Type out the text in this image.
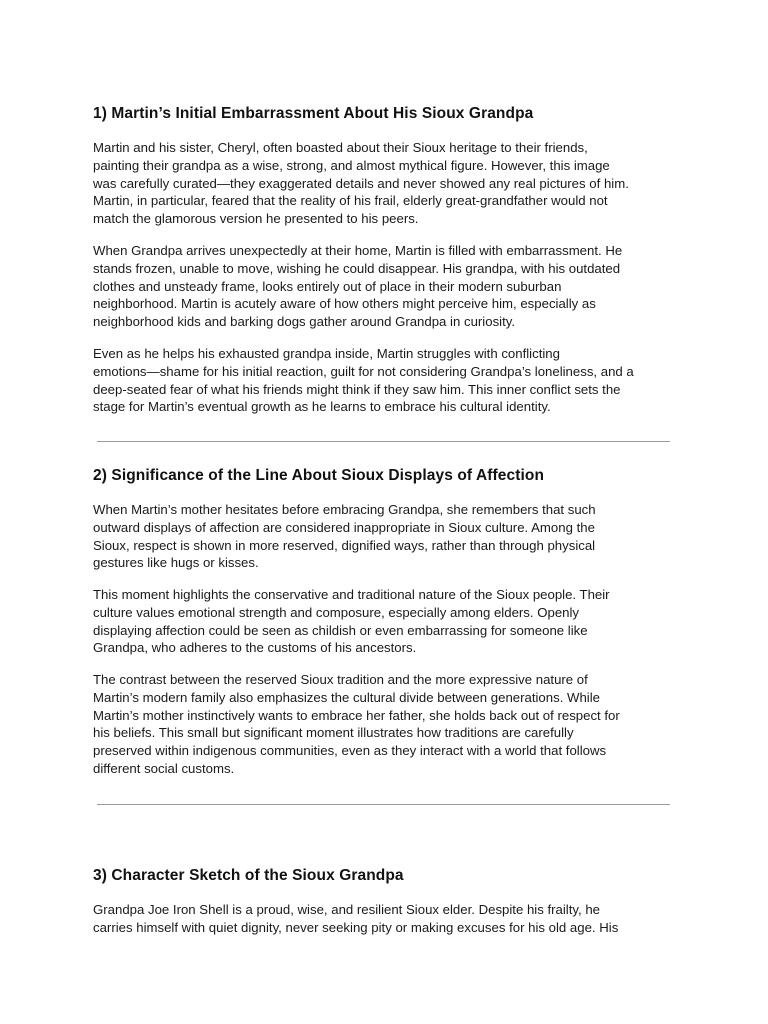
1) Martin’s Initial Embarrassment About His Sioux Grandpa

Martin and his sister, Cheryl, often boasted about their Sioux heritage to their friends,
painting their grandpa as a wise, strong, and almost mythical figure. However, this image
was carefully curated—they exaggerated details and never showed any real pictures of him.
Martin, in particular, feared that the reality of his frail, elderly great-grandfather would not
match the glamorous version he presented to his peers.

When Grandpa arrives unexpectedly at their home, Martin is filled with embarrassment. He
stands frozen, unable to move, wishing he could disappear. His grandpa, with his outdated
clothes and unsteady frame, looks entirely out of place in their modern suburban
neighborhood. Martin is acutely aware of how others might perceive him, especially as
neighborhood kids and barking dogs gather around Grandpa in curiosity.

Even as he helps his exhausted grandpa inside, Martin struggles with conflicting
emotions—shame for his initial reaction, guilt for not considering Grandpa’s loneliness, and a
deep-seated fear of what his friends might think if they saw him. This inner conflict sets the
stage for Martin’s eventual growth as he learns to embrace his cultural identity.

2) Significance of the Line About Sioux Displays of Affection

When Martin’s mother hesitates before embracing Grandpa, she remembers that such
outward displays of affection are considered inappropriate in Sioux culture. Among the
Sioux, respect is shown in more reserved, dignified ways, rather than through physical
gestures like hugs or kisses.

This moment highlights the conservative and traditional nature of the Sioux people. Their
culture values emotional strength and composure, especially among elders. Openly
displaying affection could be seen as childish or even embarrassing for someone like
Grandpa, who adheres to the customs of his ancestors.

The contrast between the reserved Sioux tradition and the more expressive nature of
Martin’s modern family also emphasizes the cultural divide between generations. While
Martin’s mother instinctively wants to embrace her father, she holds back out of respect for
his beliefs. This small but significant moment illustrates how traditions are carefully
preserved within indigenous communities, even as they interact with a world that follows
different social customs.

3) Character Sketch of the Sioux Grandpa

Grandpa Joe Iron Shell is a proud, wise, and resilient Sioux elder. Despite his frailty, he
carries himself with quiet dignity, never seeking pity or making excuses for his old age. His
